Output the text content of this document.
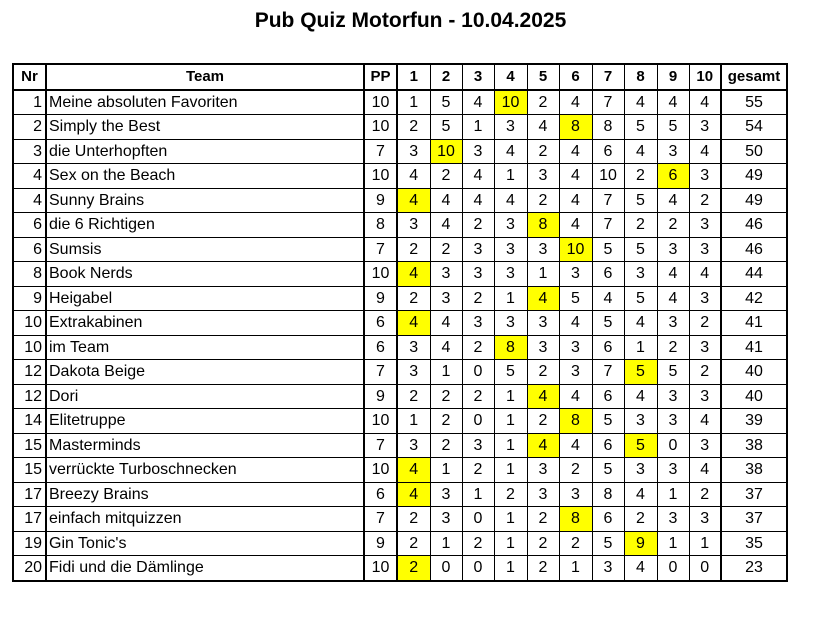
Pub Quiz Motorfun - 10.04.2025
Nr	Team	PP	1	2	3	4	5	6	7	8	9	10	gesamt
1	Meine absoluten Favoriten	10	1	5	4	10	2	4	7	4	4	4	55
2	Simply the Best	10	2	5	1	3	4	8	8	5	5	3	54
3	die Unterhopften	7	3	10	3	4	2	4	6	4	3	4	50
4	Sex on the Beach	10	4	2	4	1	3	4	10	2	6	3	49
4	Sunny Brains	9	4	4	4	4	2	4	7	5	4	2	49
6	die 6 Richtigen	8	3	4	2	3	8	4	7	2	2	3	46
6	Sumsis	7	2	2	3	3	3	10	5	5	3	3	46
8	Book Nerds	10	4	3	3	3	1	3	6	3	4	4	44
9	Heigabel	9	2	3	2	1	4	5	4	5	4	3	42
10	Extrakabinen	6	4	4	3	3	3	4	5	4	3	2	41
10	im Team	6	3	4	2	8	3	3	6	1	2	3	41
12	Dakota Beige	7	3	1	0	5	2	3	7	5	5	2	40
12	Dori	9	2	2	2	1	4	4	6	4	3	3	40
14	Elitetruppe	10	1	2	0	1	2	8	5	3	3	4	39
15	Masterminds	7	3	2	3	1	4	4	6	5	0	3	38
15	verrückte Turboschnecken	10	4	1	2	1	3	2	5	3	3	4	38
17	Breezy Brains	6	4	3	1	2	3	3	8	4	1	2	37
17	einfach mitquizzen	7	2	3	0	1	2	8	6	2	3	3	37
19	Gin Tonic's	9	2	1	2	1	2	2	5	9	1	1	35
20	Fidi und die Dämlinge	10	2	0	0	1	2	1	3	4	0	0	23
